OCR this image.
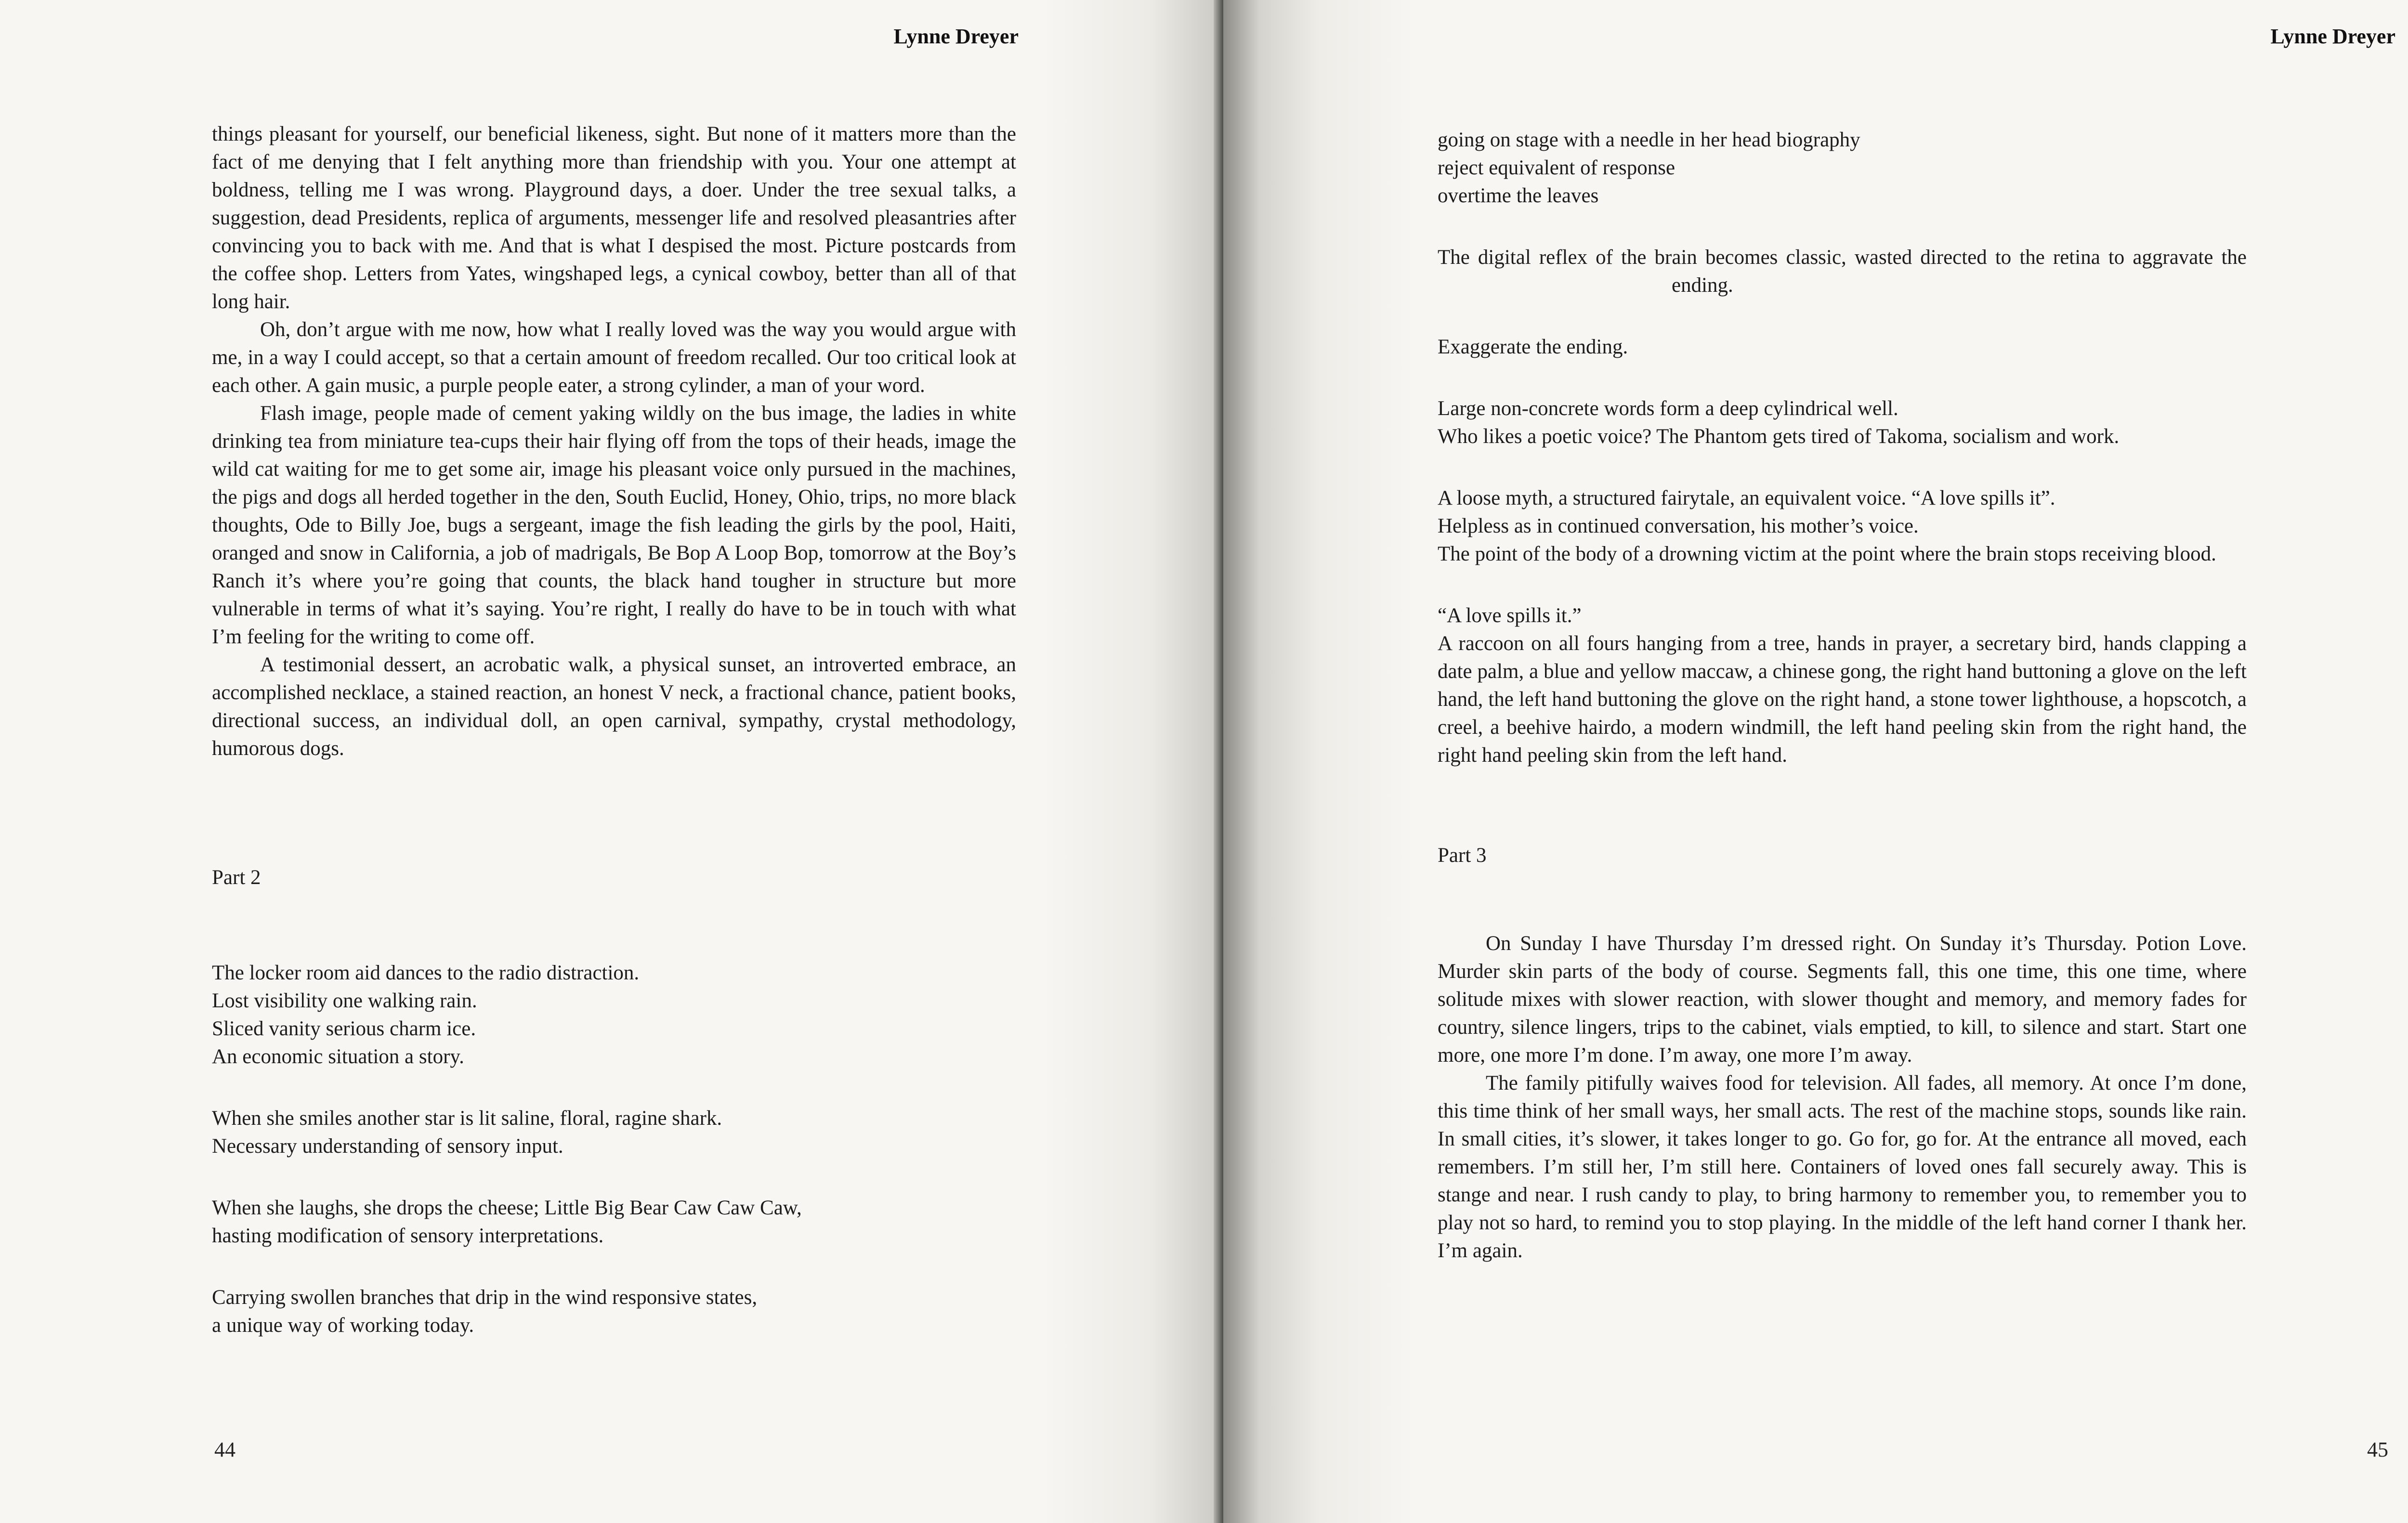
Lynne Dreyer

things pleasant for yourself, our beneficial likeness, sight. But none of it matters more than the fact of me denying that I felt anything more than friendship with you. Your one attempt at boldness, telling me I was wrong. Playground days, a doer. Under the tree sexual talks, a suggestion, dead Presidents, replica of arguments, messenger life and resolved pleasantries after convincing you to back with me. And that is what I despised the most. Picture postcards from the coffee shop. Letters from Yates, wingshaped legs, a cynical cowboy, better than all of that long hair.

Oh, don’t argue with me now, how what I really loved was the way you would argue with me, in a way I could accept, so that a certain amount of freedom recalled. Our too critical look at each other. A gain music, a purple people eater, a strong cylinder, a man of your word.

Flash image, people made of cement yaking wildly on the bus image, the ladies in white drinking tea from miniature tea-cups their hair flying off from the tops of their heads, image the wild cat waiting for me to get some air, image his pleasant voice only pursued in the machines, the pigs and dogs all herded together in the den, South Euclid, Honey, Ohio, trips, no more black thoughts, Ode to Billy Joe, bugs a sergeant, image the fish leading the girls by the pool, Haiti, oranged and snow in California, a job of madrigals, Be Bop A Loop Bop, tomorrow at the Boy’s Ranch it’s where you’re going that counts, the black hand tougher in structure but more vulnerable in terms of what it’s saying. You’re right, I really do have to be in touch with what I’m feeling for the writing to come off.

A testimonial dessert, an acrobatic walk, a physical sunset, an introverted embrace, an accomplished necklace, a stained reaction, an honest V neck, a fractional chance, patient books, directional success, an individual doll, an open carnival, sympathy, crystal methodology, humorous dogs.

Part 2

The locker room aid dances to the radio distraction.

Lost visibility one walking rain.

Sliced vanity serious charm ice.

An economic situation a story.

When she smiles another star is lit saline, floral, ragine shark.

Necessary understanding of sensory input.

When she laughs, she drops the cheese; Little Big Bear Caw Caw Caw,

hasting modification of sensory interpretations.

Carrying swollen branches that drip in the wind responsive states,

a unique way of working today.

44
Lynne Dreyer

going on stage with a needle in her head biography

reject equivalent of response

overtime the leaves

The digital reflex of the brain becomes classic, wasted directed to the retina to aggravate the ending.

Exaggerate the ending.

Large non-concrete words form a deep cylindrical well.

Who likes a poetic voice? The Phantom gets tired of Takoma, socialism and work.

A loose myth, a structured fairytale, an equivalent voice. “A love spills it”.

Helpless as in continued conversation, his mother’s voice.

The point of the body of a drowning victim at the point where the brain stops receiving blood.

“A love spills it.”

A raccoon on all fours hanging from a tree, hands in prayer, a secretary bird, hands clapping a date palm, a blue and yellow maccaw, a chinese gong, the right hand buttoning a glove on the left hand, the left hand buttoning the glove on the right hand, a stone tower lighthouse, a hopscotch, a creel, a beehive hairdo, a modern windmill, the left hand peeling skin from the right hand, the right hand peeling skin from the left hand.

Part 3

On Sunday I have Thursday I’m dressed right. On Sunday it’s Thursday. Potion Love. Murder skin parts of the body of course. Segments fall, this one time, this one time, where solitude mixes with slower reaction, with slower thought and memory, and memory fades for country, silence lingers, trips to the cabinet, vials emptied, to kill, to silence and start. Start one more, one more I’m done. I’m away, one more I’m away.

The family pitifully waives food for television. All fades, all memory. At once I’m done, this time think of her small ways, her small acts. The rest of the machine stops, sounds like rain. In small cities, it’s slower, it takes longer to go. Go for, go for. At the entrance all moved, each remembers. I’m still her, I’m still here. Containers of loved ones fall securely away. This is stange and near. I rush candy to play, to bring harmony to remember you, to remember you to play not so hard, to remind you to stop playing. In the middle of the left hand corner I thank her. I’m again.

45
